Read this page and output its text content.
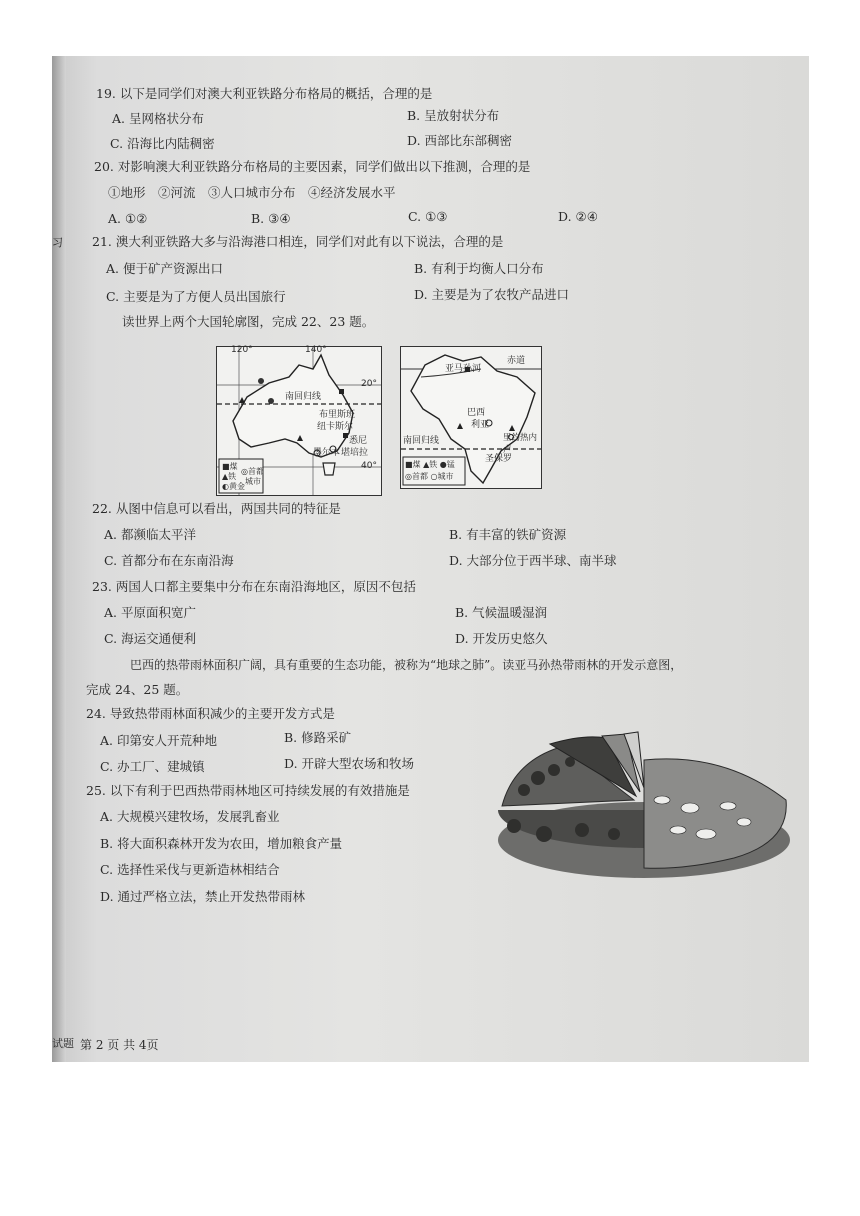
习
试题
19. 以下是同学们对澳大利亚铁路分布格局的概括，合理的是
A. 呈网格状分布	B. 呈放射状分布
C. 沿海比内陆稠密	D. 西部比东部稠密
20. 对影响澳大利亚铁路分布格局的主要因素，同学们做出以下推测，合理的是
①地形　②河流　③人口城市分布　④经济发展水平
A. ①②	B. ③④	C. ①③	D. ②④
21. 澳大利亚铁路大多与沿海港口相连，同学们对此有以下说法，合理的是
A. 便于矿产资源出口	B. 有利于均衡人口分布
C. 主要是为了方便人员出国旅行	D. 主要是为了农牧产品进口
读世界上两个大国轮廓图，完成 22、23 题。
120°	140°
20°
40°
南回归线
布里斯班
纽卡斯尔
悉尼
墨尔本 堪培拉
■煤
▲铁
◐黄金
◎首都
城市
赤道
亚马孙河
巴西
利亚
里约热内卢
南回归线
圣保罗
■煤 ▲铁 ●锰
◎首都 ○城市
22. 从图中信息可以看出，两国共同的特征是
A. 都濒临太平洋	B. 有丰富的铁矿资源
C. 首都分布在东南沿海	D. 大部分位于西半球、南半球
23. 两国人口都主要集中分布在东南沿海地区，原因不包括
A. 平原面积宽广	B. 气候温暖湿润
C. 海运交通便利	D. 开发历史悠久
巴西的热带雨林面积广阔，具有重要的生态功能，被称为“地球之肺”。读亚马孙热带雨林的开发示意图，
完成 24、25 题。
24. 导致热带雨林面积减少的主要开发方式是
A. 印第安人开荒种地	B. 修路采矿
C. 办工厂、建城镇	D. 开辟大型农场和牧场
25. 以下有利于巴西热带雨林地区可持续发展的有效措施是
A. 大规模兴建牧场，发展乳畜业
B. 将大面积森林开发为农田，增加粮食产量
C. 选择性采伐与更新造林相结合
D. 通过严格立法，禁止开发热带雨林
第 2 页 共 4页
